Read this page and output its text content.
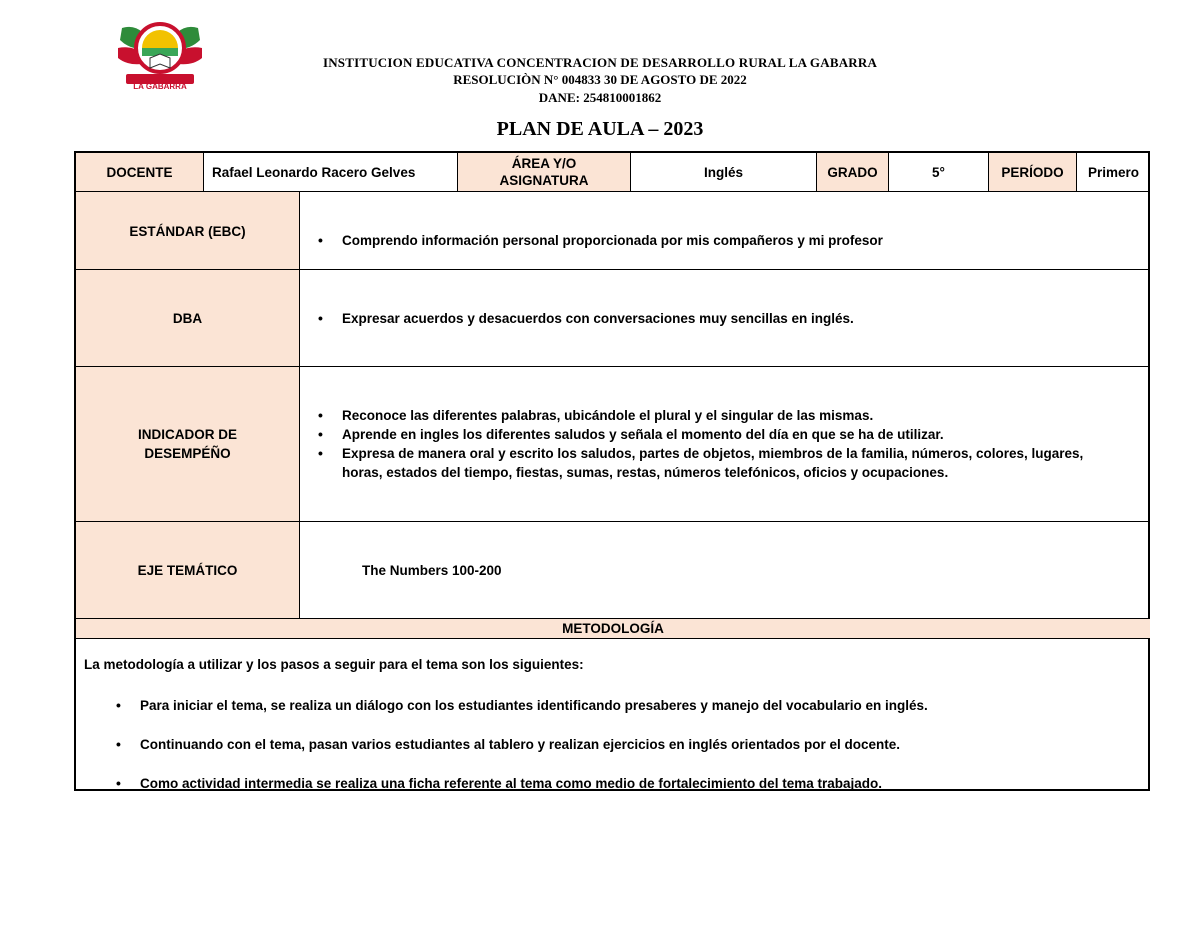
LA GABARRA
INSTITUCION EDUCATIVA CONCENTRACION DE DESARROLLO RURAL LA GABARRA
RESOLUCIÒN N° 004833 30 DE AGOSTO DE 2022
DANE: 254810001862
PLAN DE AULA – 2023
DOCENTE	Rafael Leonardo Racero Gelves
ÁREA Y/O ASIGNATURA
Inglés	GRADO	5°	PERÍODO Primero
ESTÁNDAR (EBC)
• Comprendo información personal proporcionada por mis compañeros y mi profesor
DBA
•	Expresar acuerdos y desacuerdos con conversaciones muy sencillas en inglés.
INDICADOR DE DESEMPÉÑO
• Reconoce las diferentes palabras, ubicándole el plural y el singular de las mismas.
• Aprende en ingles los diferentes saludos y señala el momento del día en que se ha de utilizar.
• Expresa de manera oral y escrito los saludos, partes de objetos, miembros de la familia, números, colores, lugares, horas, estados del tiempo, fiestas, sumas, restas, números telefónicos, oficios y ocupaciones.
EJE TEMÁTICO	The Numbers 100-200
METODOLOGÍA
La metodología a utilizar y los pasos a seguir para el tema son los siguientes:
• Para iniciar el tema, se realiza un diálogo con los estudiantes identificando presaberes y manejo del vocabulario en inglés.
• Continuando con el tema, pasan varios estudiantes al tablero y realizan ejercicios en inglés orientados por el docente.
• Como actividad intermedia se realiza una ficha referente al tema como medio de fortalecimiento del tema trabajado.
